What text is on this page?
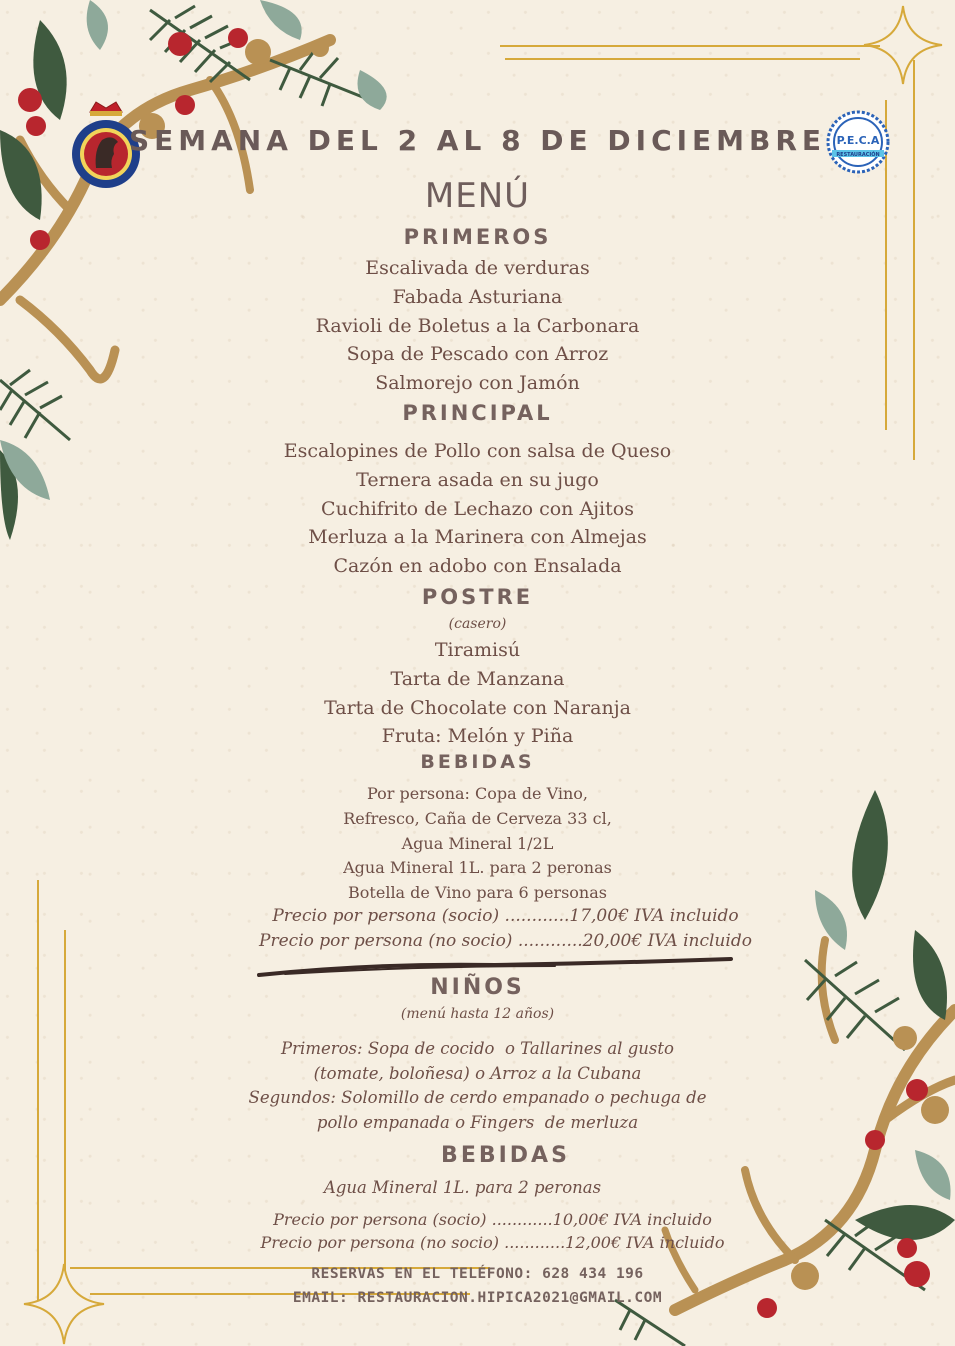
P.E.C.A
RESTAURACIÓN
SEMANA DEL 2 AL 8 DE DICIEMBRE
MENÚ
PRIMEROS
Escalivada de verduras
Fabada Asturiana
Ravioli de Boletus a la Carbonara
Sopa de Pescado con Arroz
Salmorejo con Jamón
PRINCIPAL
Escalopines de Pollo con salsa de Queso
Ternera asada en su jugo
Cuchifrito de Lechazo con Ajitos
Merluza a la Marinera con Almejas
Cazón en adobo con Ensalada
POSTRE
(casero)
Tiramisú
Tarta de Manzana
Tarta de Chocolate con Naranja
Fruta: Melón y Piña
BEBIDAS
Por persona: Copa de Vino,
Refresco, Caña de Cerveza 33 cl,
Agua Mineral 1/2L
Agua Mineral 1L. para 2 peronas
Botella de Vino para 6 personas
Precio por persona (socio) ............17,00€ IVA incluido
Precio por persona (no socio) ............20,00€ IVA incluido
NIÑOS
(menú hasta 12 años)
Primeros: Sopa de cocido  o Tallarines al gusto
(tomate, boloñesa) o Arroz a la Cubana
Segundos: Solomillo de cerdo empanado o pechuga de
pollo empanada o Fingers  de merluza
BEBIDAS
Agua Mineral 1L. para 2 peronas
Precio por persona (socio) ............10,00€ IVA incluido
Precio por persona (no socio) ............12,00€ IVA incluido
RESERVAS EN EL TELÉFONO: 628 434 196
EMAIL: RESTAURACION.HIPICA2021@GMAIL.COM
